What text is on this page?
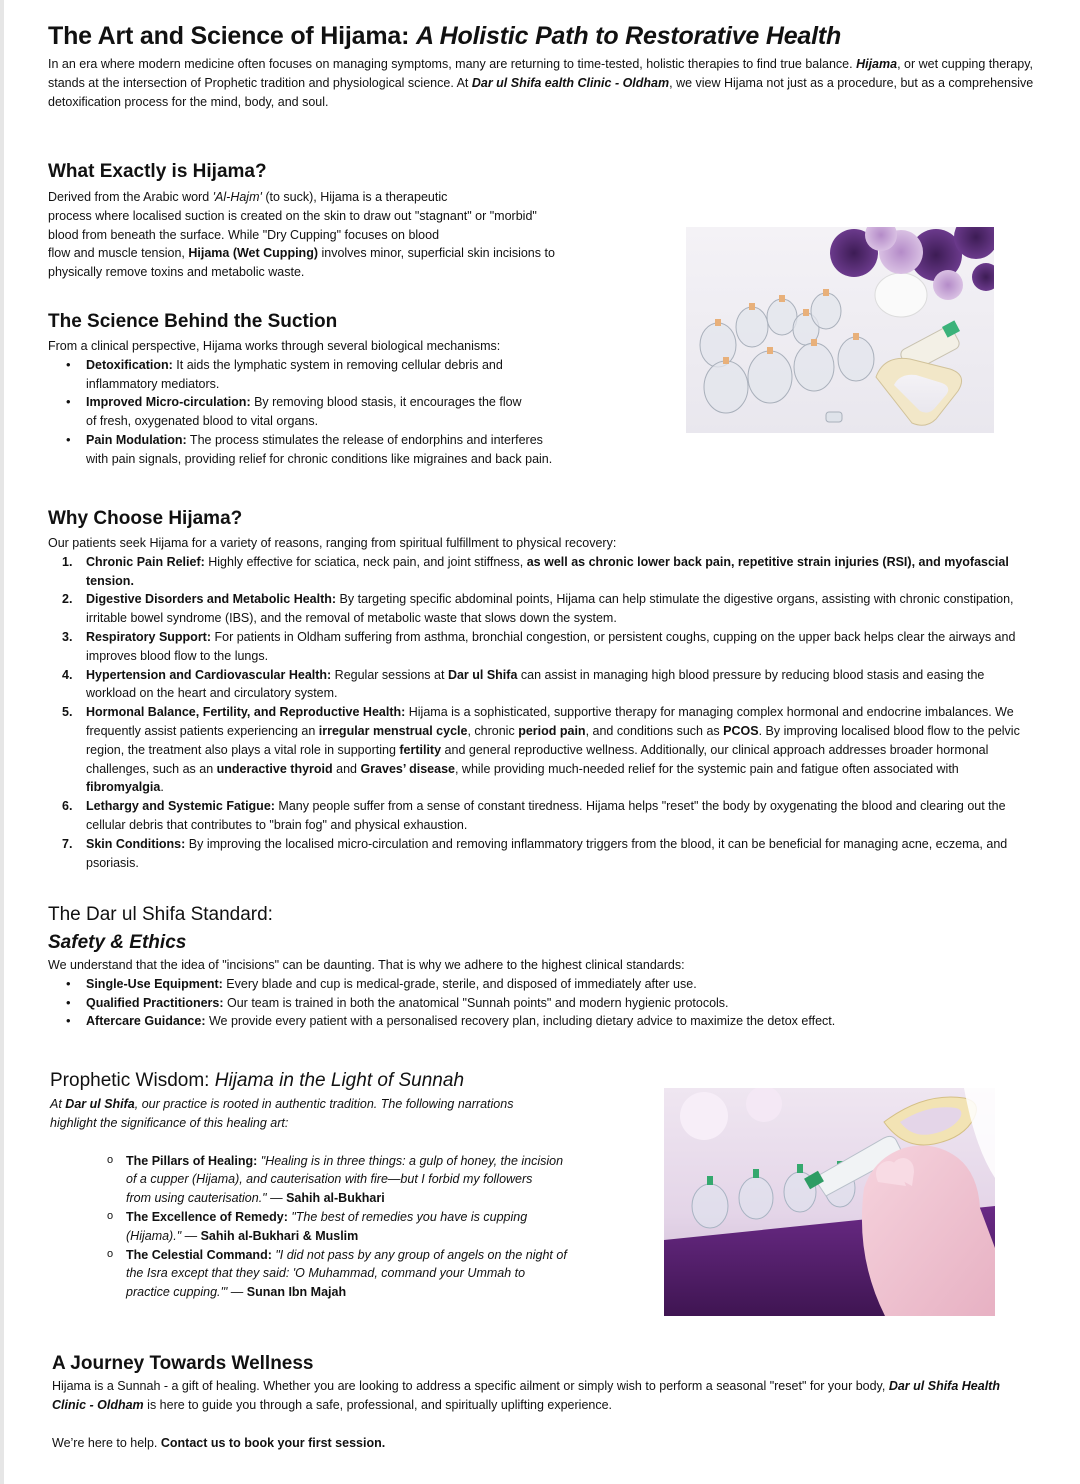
The Art and Science of Hijama: A Holistic Path to Restorative Health

In an era where modern medicine often focuses on managing symptoms, many are returning to time-tested, holistic therapies to find true balance. Hijama, or wet cupping therapy, stands at the intersection of Prophetic tradition and physiological science. At Dar ul Shifa ealth Clinic - Oldham, we view Hijama not just as a procedure, but as a comprehensive detoxification process for the mind, body, and soul.

What Exactly is Hijama?

Derived from the Arabic word 'Al-Hajm' (to suck), Hijama is a therapeutic
process where localised suction is created on the skin to draw out "stagnant" or "morbid"
blood from beneath the surface. While "Dry Cupping" focuses on blood
flow and muscle tension, Hijama (Wet Cupping) involves minor, superficial skin incisions to
physically remove toxins and metabolic waste.

The Science Behind the Suction

From a clinical perspective, Hijama works through several biological mechanisms:

• Detoxification: It aids the lymphatic system in removing cellular debris and
inflammatory mediators.
• Improved Micro-circulation: By removing blood stasis, it encourages the flow
of fresh, oxygenated blood to vital organs.
• Pain Modulation: The process stimulates the release of endorphins and interferes
with pain signals, providing relief for chronic conditions like migraines and back pain.
Why Choose Hijama?

Our patients seek Hijama for a variety of reasons, ranging from spiritual fulfillment to physical recovery:

1. Chronic Pain Relief: Highly effective for sciatica, neck pain, and joint stiffness, as well as chronic lower back pain, repetitive strain injuries (RSI), and myofascial tension.
2. Digestive Disorders and Metabolic Health: By targeting specific abdominal points, Hijama can help stimulate the digestive organs, assisting with chronic constipation, irritable bowel syndrome (IBS), and the removal of metabolic waste that slows down the system.
3. Respiratory Support: For patients in Oldham suffering from asthma, bronchial congestion, or persistent coughs, cupping on the upper back helps clear the airways and improves blood flow to the lungs.
4. Hypertension and Cardiovascular Health: Regular sessions at Dar ul Shifa can assist in managing high blood pressure by reducing blood stasis and easing the workload on the heart and circulatory system.
5. Hormonal Balance, Fertility, and Reproductive Health: Hijama is a sophisticated, supportive therapy for managing complex hormonal and endocrine imbalances. We frequently assist patients experiencing an irregular menstrual cycle, chronic period pain, and conditions such as PCOS. By improving localised blood flow to the pelvic region, the treatment also plays a vital role in supporting fertility and general reproductive wellness. Additionally, our clinical approach addresses broader hormonal challenges, such as an underactive thyroid and Graves’ disease, while providing much-needed relief for the systemic pain and fatigue often associated with fibromyalgia.
6. Lethargy and Systemic Fatigue: Many people suffer from a sense of constant tiredness. Hijama helps "reset" the body by oxygenating the blood and clearing out the cellular debris that contributes to "brain fog" and physical exhaustion.
7. Skin Conditions: By improving the localised micro-circulation and removing inflammatory triggers from the blood, it can be beneficial for managing acne, eczema, and psoriasis.
The Dar ul Shifa Standard:
Safety & Ethics

We understand that the idea of "incisions" can be daunting. That is why we adhere to the highest clinical standards:

• Single-Use Equipment: Every blade and cup is medical-grade, sterile, and disposed of immediately after use.
• Qualified Practitioners: Our team is trained in both the anatomical "Sunnah points" and modern hygienic protocols.
• Aftercare Guidance: We provide every patient with a personalised recovery plan, including dietary advice to maximize the detox effect.
Prophetic Wisdom: Hijama in the Light of Sunnah

At Dar ul Shifa, our practice is rooted in authentic tradition. The following narrations
highlight the significance of this healing art:

o The Pillars of Healing: "Healing is in three things: a gulp of honey, the incision
of a cupper (Hijama), and cauterisation with fire—but I forbid my followers
from using cauterisation." — Sahih al-Bukhari
o The Excellence of Remedy: "The best of remedies you have is cupping
(Hijama)." — Sahih al-Bukhari & Muslim
o The Celestial Command: "I did not pass by any group of angels on the night of
the Isra except that they said: 'O Muhammad, command your Ummah to
practice cupping.'" — Sunan Ibn Majah
A Journey Towards Wellness

Hijama is a Sunnah - a gift of healing. Whether you are looking to address a specific ailment or simply wish to perform a seasonal "reset" for your body, Dar ul Shifa Health Clinic - Oldham is here to guide you through a safe, professional, and spiritually uplifting experience.

We’re here to help. Contact us to book your first session.
